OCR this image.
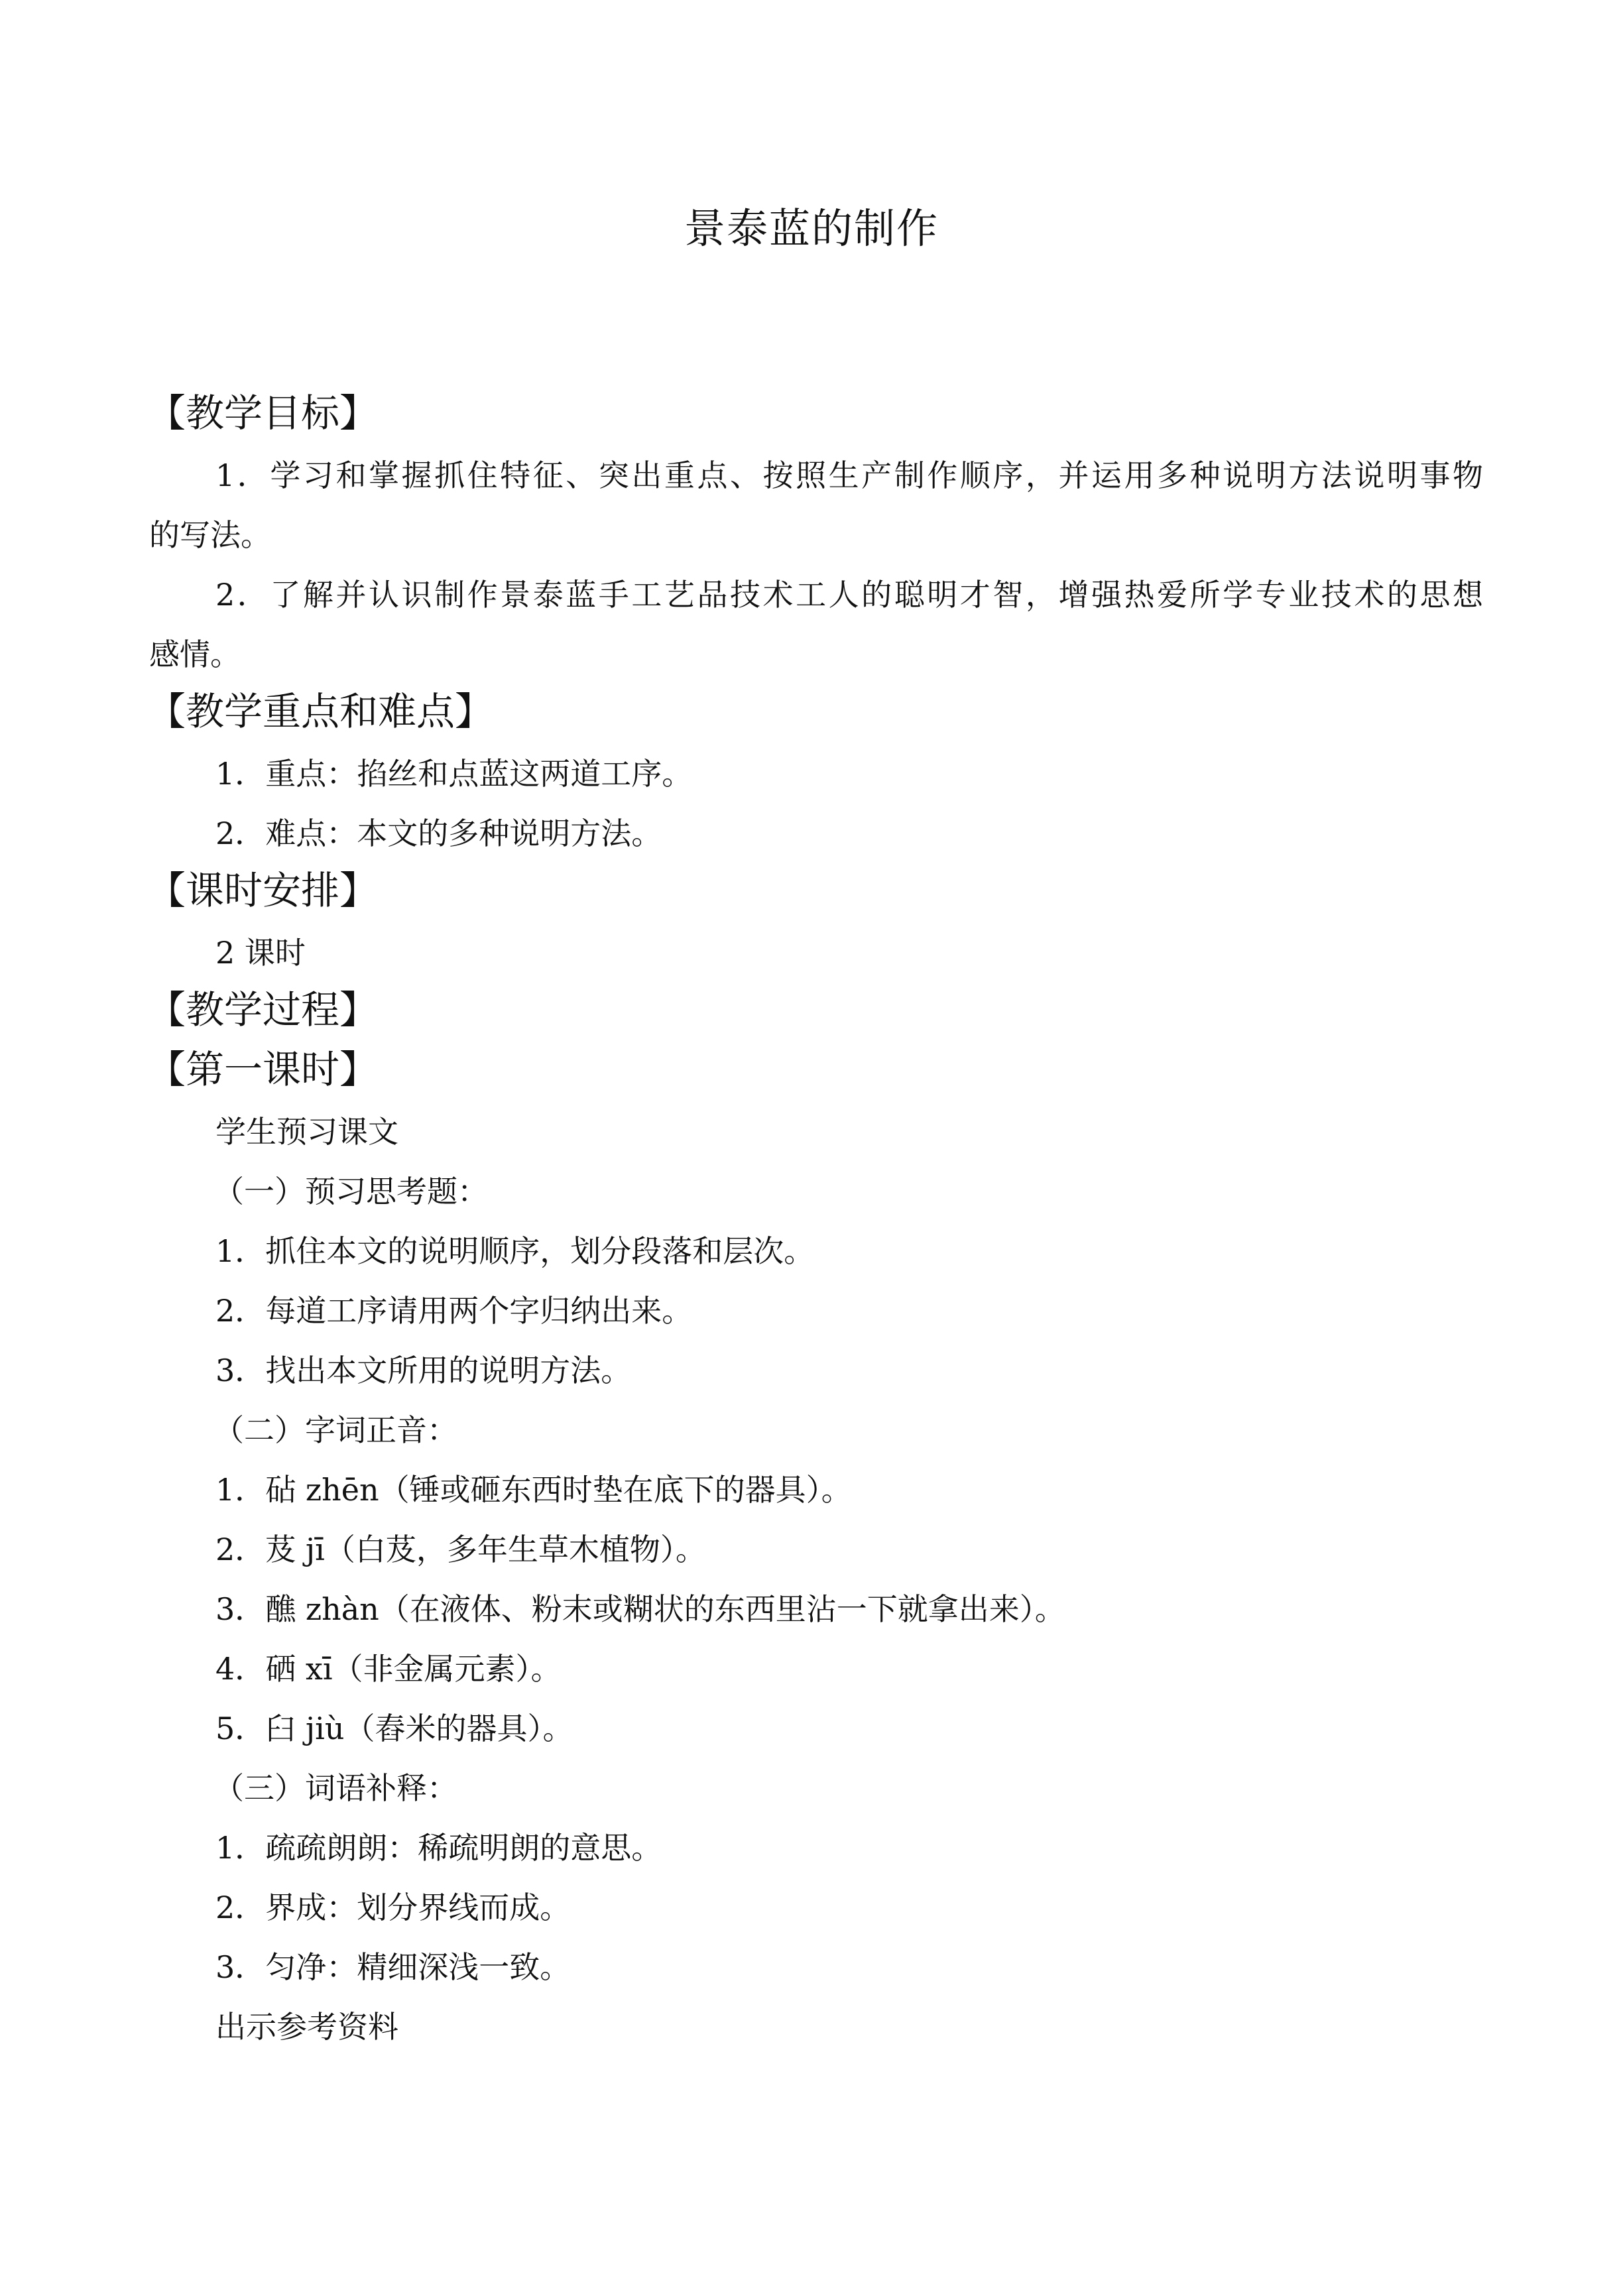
景泰蓝的制作
【教学目标】
1．学习和掌握抓住特征、突出重点、按照生产制作顺序，并运用多种说明方法说明事物
的写法。
2．了解并认识制作景泰蓝手工艺品技术工人的聪明才智，增强热爱所学专业技术的思想
感情。
【教学重点和难点】
1．重点：掐丝和点蓝这两道工序。
2．难点：本文的多种说明方法。
【课时安排】
2 课时
【教学过程】
【第一课时】
学生预习课文
（一）预习思考题：
1．抓住本文的说明顺序，划分段落和层次。
2．每道工序请用两个字归纳出来。
3．找出本文所用的说明方法。
（二）字词正音：
1．砧 zhēn（锤或砸东西时垫在底下的器具）。
2．芨 jī（白芨，多年生草木植物）。
3．醮 zhàn（在液体、粉末或糊状的东西里沾一下就拿出来）。
4．硒 xī（非金属元素）。
5．臼 jiù（舂米的器具）。
（三）词语补释：
1．疏疏朗朗：稀疏明朗的意思。
2．界成：划分界线而成。
3．匀净：精细深浅一致。
出示参考资料
